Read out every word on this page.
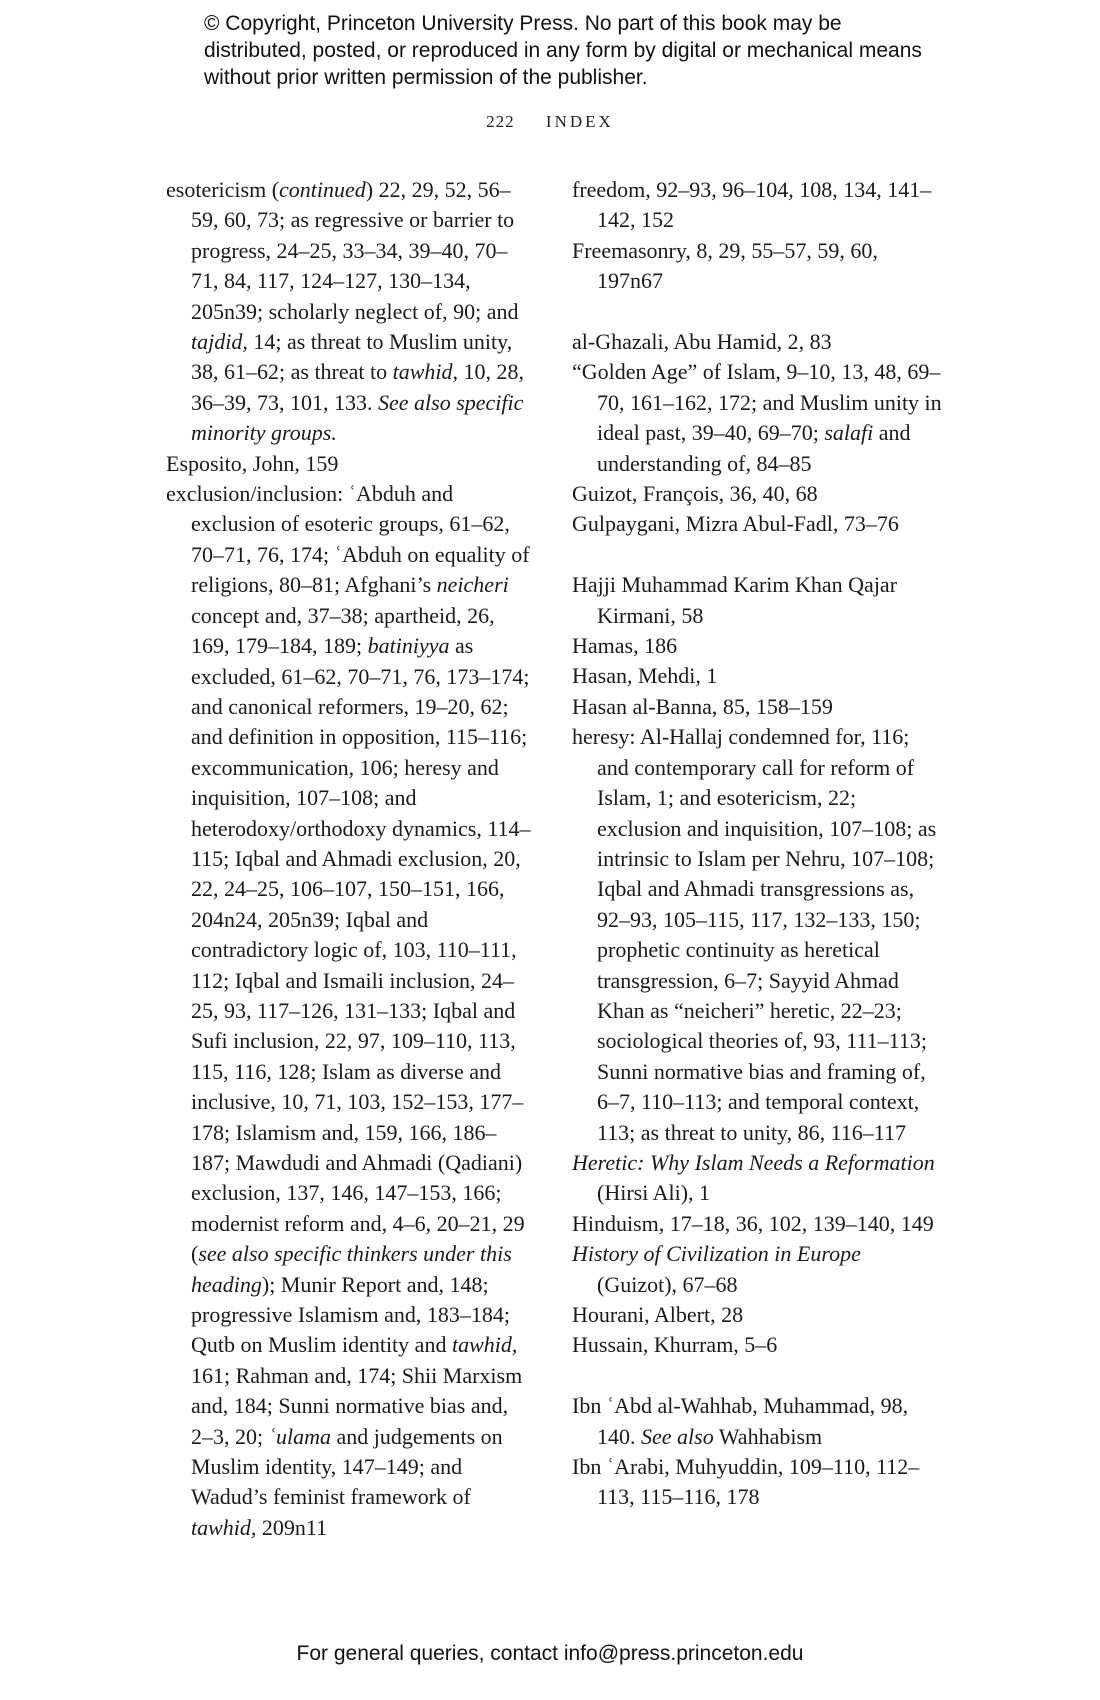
© Copyright, Princeton University Press. No part of this book may be distributed, posted, or reproduced in any form by digital or mechanical means without prior written permission of the publisher.

222 INDEX

esotericism (continued) 22, 29, 52, 56–59, 60, 73; as regressive or barrier to progress, 24–25, 33–34, 39–40, 70–71, 84, 117, 124–127, 130–134, 205n39; scholarly neglect of, 90; and tajdid, 14; as threat to Muslim unity, 38, 61–62; as threat to tawhid, 10, 28, 36–39, 73, 101, 133. See also specific minority groups.

Esposito, John, 159

exclusion/inclusion: ʿAbduh and exclusion of esoteric groups, 61–62, 70–71, 76, 174; ʿAbduh on equality of religions, 80–81; Afghani’s neicheri concept and, 37–38; apartheid, 26, 169, 179–184, 189; batiniyya as excluded, 61–62, 70–71, 76, 173–174; and canonical reformers, 19–20, 62; and definition in opposition, 115–116; excommunication, 106; heresy and inquisition, 107–108; and heterodoxy/orthodoxy dynamics, 114–115; Iqbal and Ahmadi exclusion, 20, 22, 24–25, 106–107, 150–151, 166, 204n24, 205n39; Iqbal and contradictory logic of, 103, 110–111, 112; Iqbal and Ismaili inclusion, 24–25, 93, 117–126, 131–133; Iqbal and Sufi inclusion, 22, 97, 109–110, 113, 115, 116, 128; Islam as diverse and inclusive, 10, 71, 103, 152–153, 177–178; Islamism and, 159, 166, 186–187; Mawdudi and Ahmadi (Qadiani) exclusion, 137, 146, 147–153, 166; modernist reform and, 4–6, 20–21, 29 (see also specific thinkers under this heading); Munir Report and, 148; progressive Islamism and, 183–184; Qutb on Muslim identity and tawhid, 161; Rahman and, 174; Shii Marxism and, 184; Sunni normative bias and, 2–3, 20; ʿulama and judgements on Muslim identity, 147–149; and Wadud’s feminist framework of tawhid, 209n11

freedom, 92–93, 96–104, 108, 134, 141–142, 152

Freemasonry, 8, 29, 55–57, 59, 60, 197n67

al-Ghazali, Abu Hamid, 2, 83

“Golden Age” of Islam, 9–10, 13, 48, 69–70, 161–162, 172; and Muslim unity in ideal past, 39–40, 69–70; salafi and understanding of, 84–85

Guizot, François, 36, 40, 68

Gulpaygani, Mizra Abul-Fadl, 73–76

Hajji Muhammad Karim Khan Qajar Kirmani, 58

Hamas, 186

Hasan, Mehdi, 1

Hasan al-Banna, 85, 158–159

heresy: Al-Hallaj condemned for, 116; and contemporary call for reform of Islam, 1; and esotericism, 22; exclusion and inquisition, 107–108; as intrinsic to Islam per Nehru, 107–108; Iqbal and Ahmadi transgressions as, 92–93, 105–115, 117, 132–133, 150; prophetic continuity as heretical transgression, 6–7; Sayyid Ahmad Khan as “neicheri” heretic, 22–23; sociological theories of, 93, 111–113; Sunni normative bias and framing of, 6–7, 110–113; and temporal context, 113; as threat to unity, 86, 116–117

Heretic: Why Islam Needs a Reformation (Hirsi Ali), 1

Hinduism, 17–18, 36, 102, 139–140, 149

History of Civilization in Europe (Guizot), 67–68

Hourani, Albert, 28

Hussain, Khurram, 5–6

Ibn ʿAbd al-Wahhab, Muhammad, 98, 140. See also Wahhabism

Ibn ʿArabi, Muhyuddin, 109–110, 112–113, 115–116, 178

For general queries, contact info@press.princeton.edu
